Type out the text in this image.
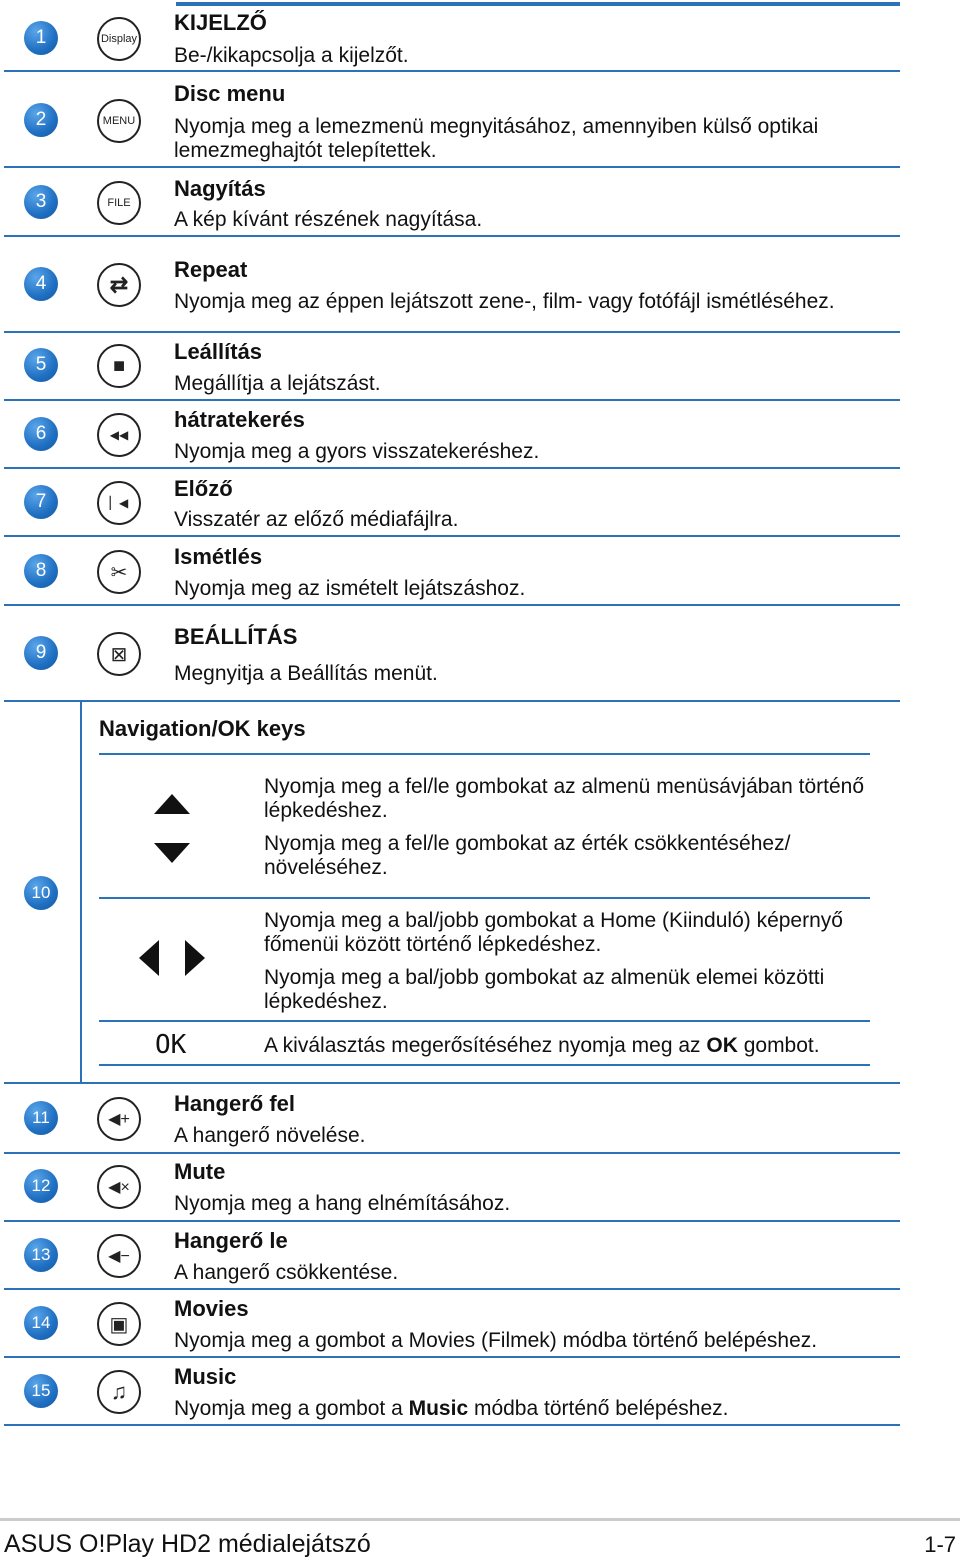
1	Display
KIJELZŐ
Be-/kikapcsolja a kijelzőt.
2	MENU
Disc menu
Nyomja meg a lemezmenü megnyitásához, amennyiben külső optikai lemezmeghajtót telepítettek.
3	FILE
Nagyítás
A kép kívánt részének nagyítása.
4	⇄
Repeat
Nyomja meg az éppen lejátszott zene-, film- vagy fotófájl ismétléséhez.
5	■
Leállítás
Megállítja a lejátszást.
6	◀◀
hátratekerés
Nyomja meg a gyors visszatekeréshez.
7	▏◀
Előző
Visszatér az előző médiafájlra.
8	✂
Ismétlés
Nyomja meg az ismételt lejátszáshoz.
9	⊠
BEÁLLÍTÁS
Megnyitja a Beállítás menüt.
10
Navigation/OK keys
Nyomja meg a fel/le gombokat az almenü menüsávjában történő lépkedéshez.
Nyomja meg a fel/le gombokat az érték csökkentéséhez/ növeléséhez.
Nyomja meg a bal/jobb gombokat a Home (Kiinduló) képernyő főmenüi között történő lépkedéshez.
Nyomja meg a bal/jobb gombokat az almenük elemei közötti lépkedéshez.
OK	A kiválasztás megerősítéséhez nyomja meg az OK gombot.
11	◀+
Hangerő fel
A hangerő növelése.
12	◀×
Mute
Nyomja meg a hang elnémításához.
13	◀−
Hangerő le
A hangerő csökkentése.
14	▣
Movies
Nyomja meg a gombot a Movies (Filmek) módba történő belépéshez.
15	♫
Music
Nyomja meg a gombot a Music módba történő belépéshez.
ASUS O!Play HD2 médialejátszó	1-7
